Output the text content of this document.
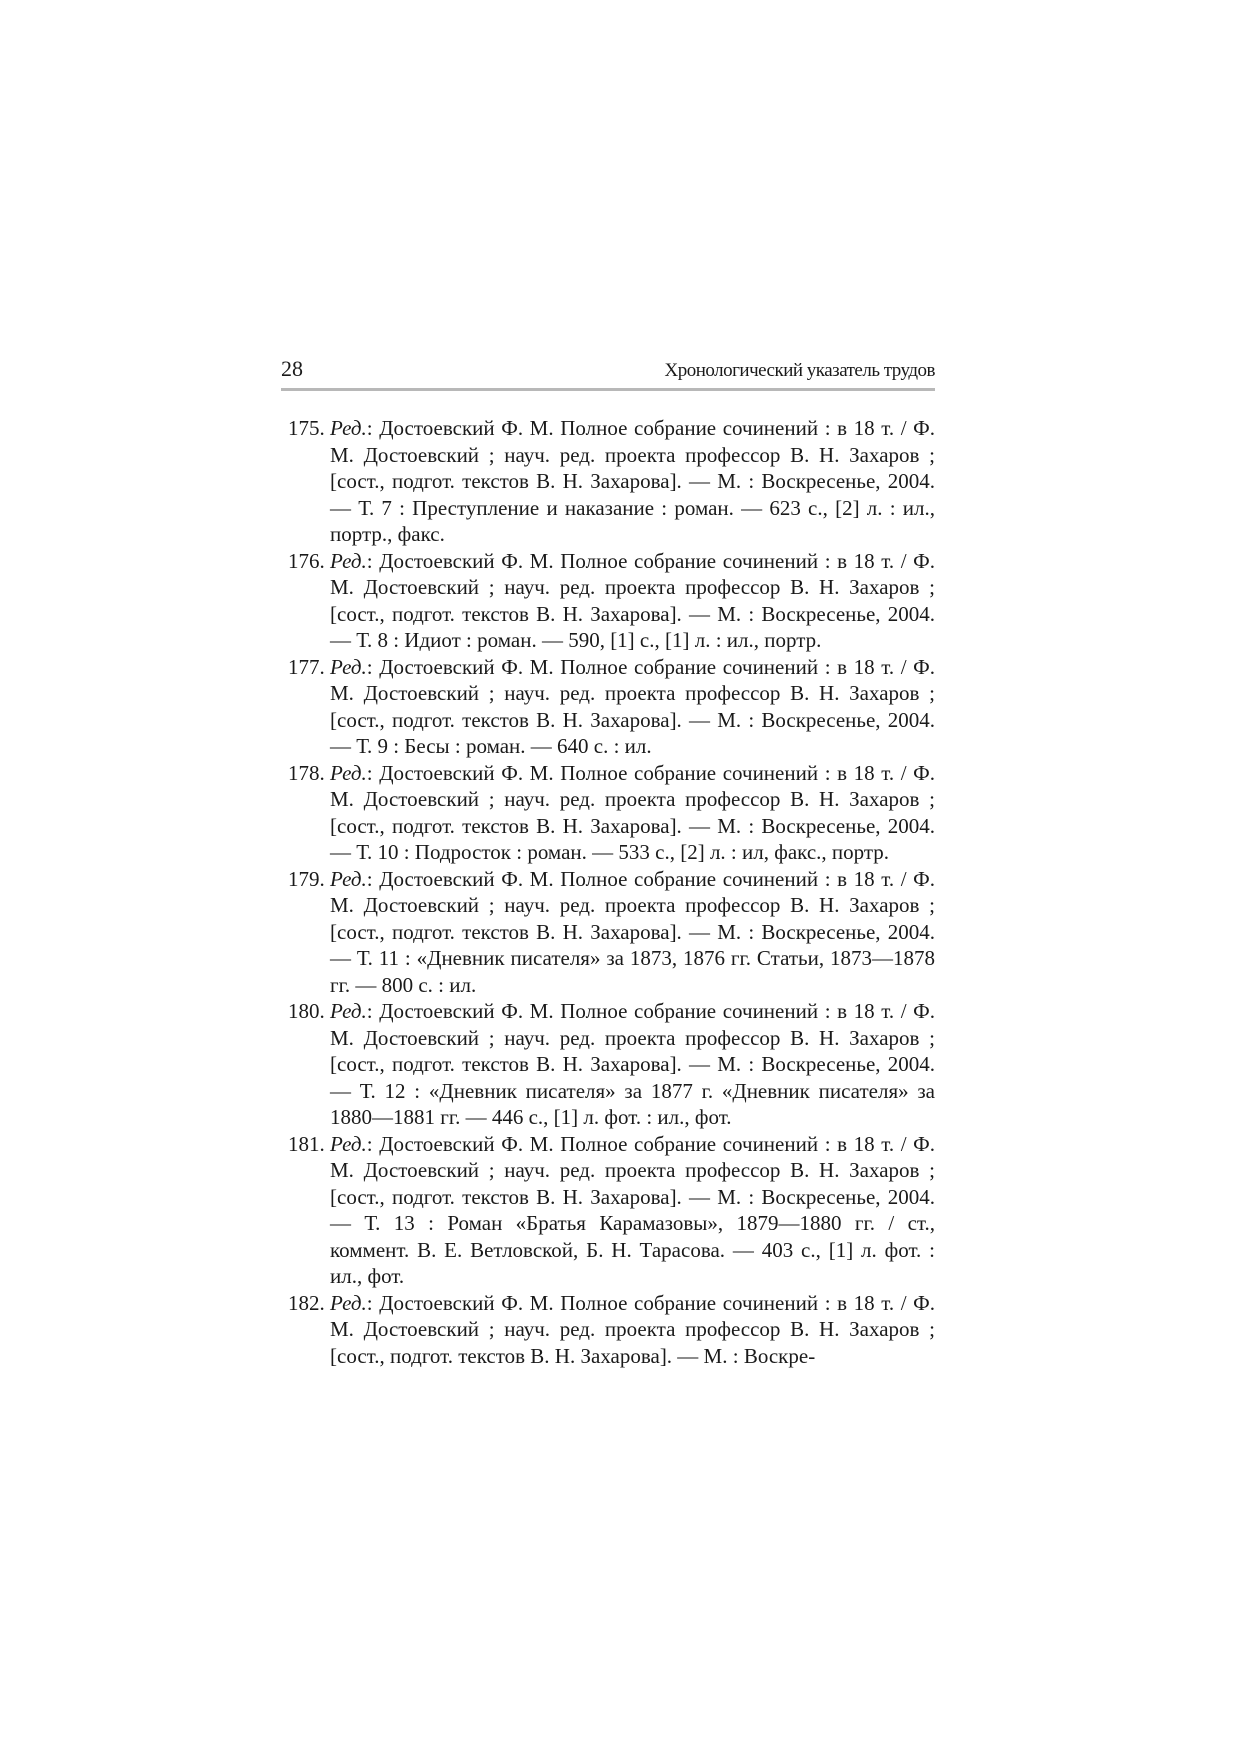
28	Хронологический указатель трудов
175. Ред.: Достоевский Ф. М. Полное собрание сочинений : в 18 т. / Ф. М. Достоевский ; науч. ред. проекта профессор В. Н. Захаров ; [сост., подгот. текстов В. Н. Захарова]. — М. : Воскресенье, 2004. — Т. 7 : Преступление и наказание : роман. — 623 с., [2] л. : ил., портр., факс.
176. Ред.: Достоевский Ф. М. Полное собрание сочинений : в 18 т. / Ф. М. Достоевский ; науч. ред. проекта профессор В. Н. Захаров ; [сост., подгот. текстов В. Н. Захарова]. — М. : Воскресенье, 2004. — Т. 8 : Идиот : роман. — 590, [1] с., [1] л. : ил., портр.
177. Ред.: Достоевский Ф. М. Полное собрание сочинений : в 18 т. / Ф. М. Достоевский ; науч. ред. проекта профессор В. Н. Захаров ; [сост., подгот. текстов В. Н. Захарова]. — М. : Воскресенье, 2004. — Т. 9 : Бесы : роман. — 640 с. : ил.
178. Ред.: Достоевский Ф. М. Полное собрание сочинений : в 18 т. / Ф. М. Достоевский ; науч. ред. проекта профессор В. Н. Захаров ; [сост., подгот. текстов В. Н. Захарова]. — М. : Воскресенье, 2004. — Т. 10 : Подросток : роман. — 533 с., [2] л. : ил, факс., портр.
179. Ред.: Достоевский Ф. М. Полное собрание сочинений : в 18 т. / Ф. М. Достоевский ; науч. ред. проекта профессор В. Н. Захаров ; [сост., подгот. текстов В. Н. Захарова]. — М. : Воскресенье, 2004. — Т. 11 : «Дневник писателя» за 1873, 1876 гг. Статьи, 1873—1878 гг. — 800 с. : ил.
180. Ред.: Достоевский Ф. М. Полное собрание сочинений : в 18 т. / Ф. М. Достоевский ; науч. ред. проекта профессор В. Н. Захаров ; [сост., подгот. текстов В. Н. Захарова]. — М. : Воскресенье, 2004. — Т. 12 : «Дневник писателя» за 1877 г. «Дневник писателя» за 1880—1881 гг. — 446 с., [1] л. фот. : ил., фот.
181. Ред.: Достоевский Ф. М. Полное собрание сочинений : в 18 т. / Ф. М. Достоевский ; науч. ред. проекта профессор В. Н. Захаров ; [сост., подгот. текстов В. Н. Захарова]. — М. : Воскресенье, 2004. — Т. 13 : Роман «Братья Карамазовы», 1879—1880 гг. / ст., коммент. В. Е. Ветловской, Б. Н. Тарасова. — 403 с., [1] л. фот. : ил., фот.
182. Ред.: Достоевский Ф. М. Полное собрание сочинений : в 18 т. / Ф. М. Достоевский ; науч. ред. проекта профессор В. Н. Захаров ; [сост., подгот. текстов В. Н. Захарова]. — М. : Воскре-
